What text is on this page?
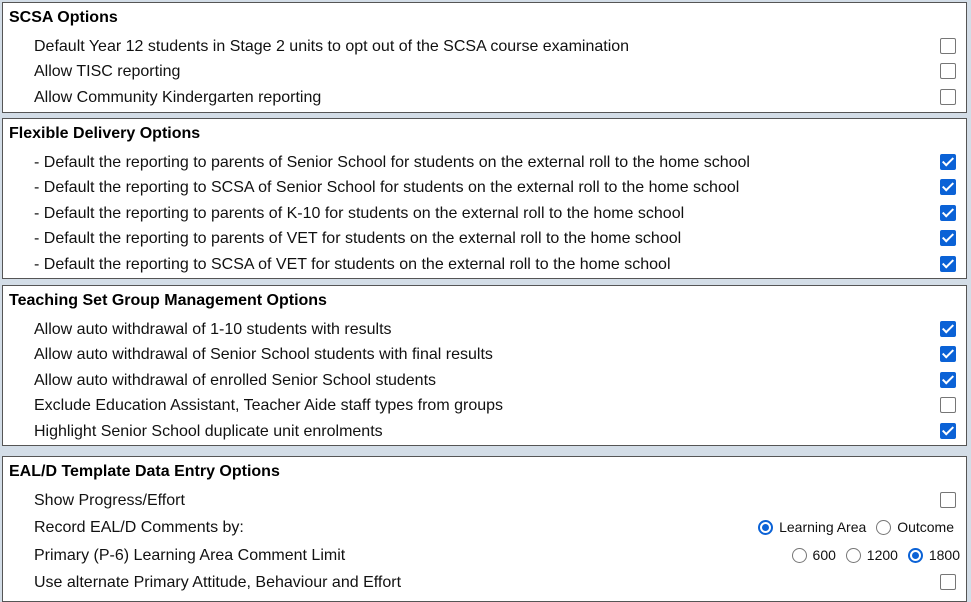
SCSA Options
Default Year 12 students in Stage 2 units to opt out of the SCSA course examination
Allow TISC reporting
Allow Community Kindergarten reporting
Flexible Delivery Options
- Default the reporting to parents of Senior School for students on the external roll to the home school
- Default the reporting to SCSA of Senior School for students on the external roll to the home school
- Default the reporting to parents of K-10 for students on the external roll to the home school
- Default the reporting to parents of VET for students on the external roll to the home school
- Default the reporting to SCSA of VET for students on the external roll to the home school
Teaching Set Group Management Options
Allow auto withdrawal of 1-10 students with results
Allow auto withdrawal of Senior School students with final results
Allow auto withdrawal of enrolled Senior School students
Exclude Education Assistant, Teacher Aide staff types from groups
Highlight Senior School duplicate unit enrolments
EAL/D Template Data Entry Options
Show Progress/Effort
Record EAL/D Comments by:	Learning Area
Outcome
Primary (P-6) Learning Area Comment Limit	600
1200
1800
Use alternate Primary Attitude, Behaviour and Effort
